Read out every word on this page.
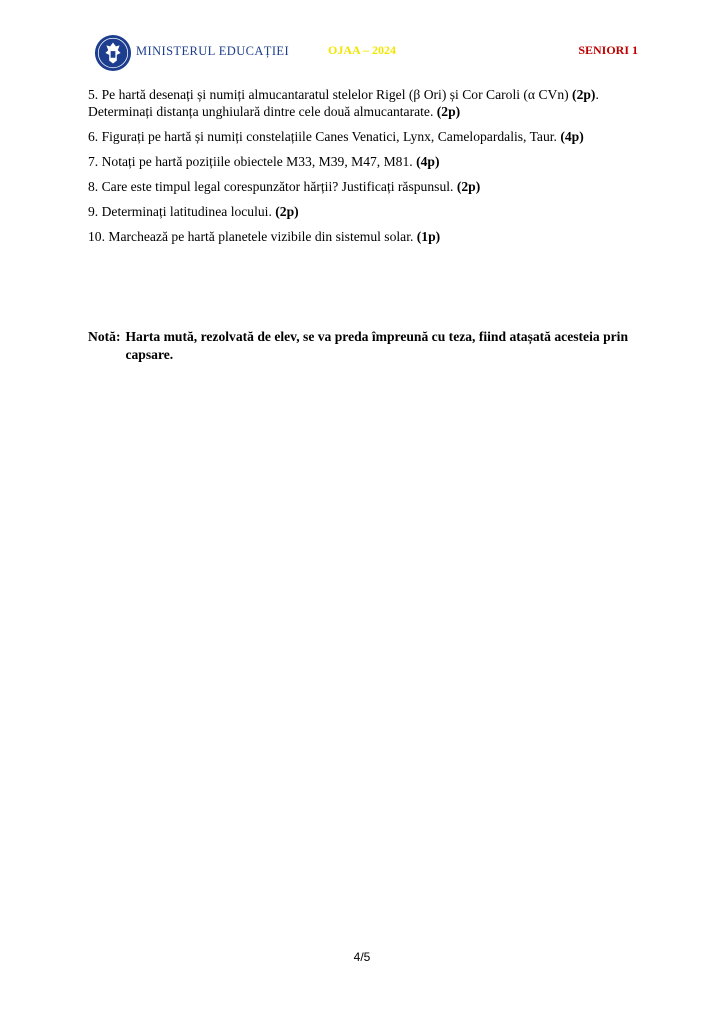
MINISTERUL EDUCAȚIEI	OJAA – 2024	SENIORI 1

5. Pe hartă desenați și numiți almucantaratul stelelor Rigel (β Ori) și Cor Caroli (α CVn) (2p). Determinați distanța unghiulară dintre cele două almucantarate. (2p)

6. Figurați pe hartă și numiți constelațiile Canes Venatici, Lynx, Camelopardalis, Taur. (4p)

7. Notați pe hartă pozițiile obiectele M33, M39, M47, M81. (4p)

8. Care este timpul legal corespunzător hărții? Justificați răspunsul. (2p)

9. Determinați latitudinea locului. (2p)

10. Marchează pe hartă planetele vizibile din sistemul solar. (1p)

Notă: Harta mută, rezolvată de elev, se va preda împreună cu teza, fiind atașată acesteia prin capsare.
4/5
